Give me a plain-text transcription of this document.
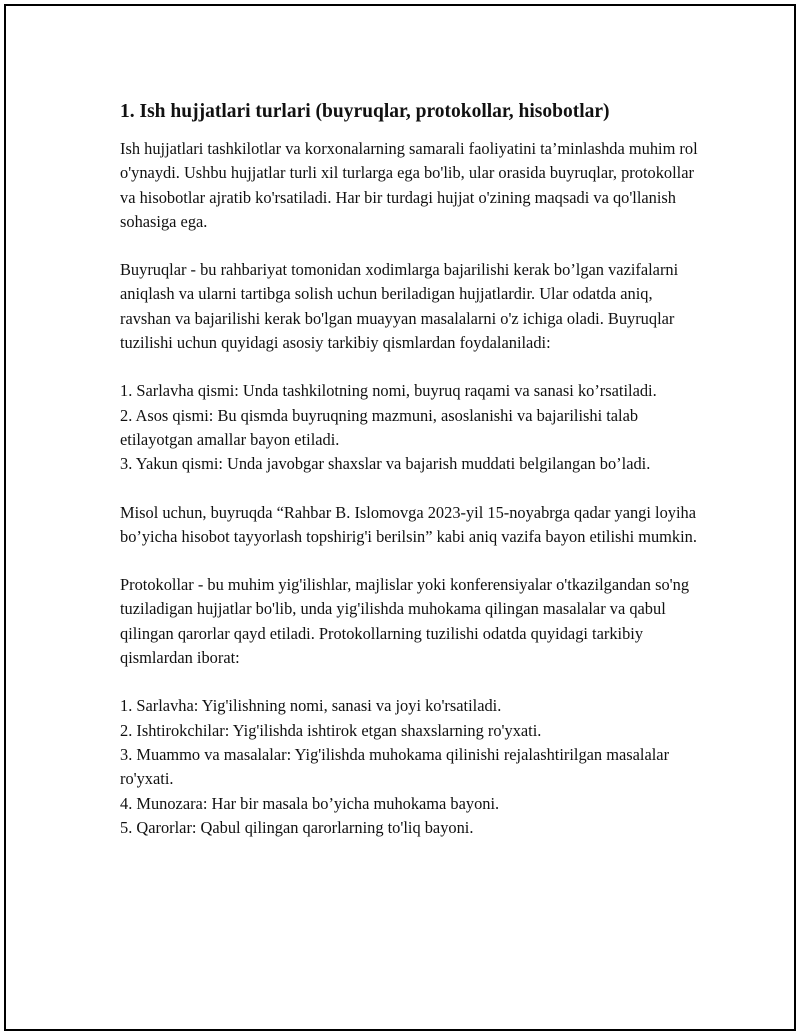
1. Ish hujjatlari turlari (buyruqlar, protokollar, hisobotlar)

Ish hujjatlari tashkilotlar va korxonalarning samarali faoliyatini ta’minlashda muhim rol o'ynaydi. Ushbu hujjatlar turli xil turlarga ega bo'lib, ular orasida buyruqlar, protokollar va hisobotlar ajratib ko'rsatiladi. Har bir turdagi hujjat o'zining maqsadi va qo'llanish sohasiga ega.

Buyruqlar - bu rahbariyat tomonidan xodimlarga bajarilishi kerak bo’lgan vazifalarni aniqlash va ularni tartibga solish uchun beriladigan hujjatlardir. Ular odatda aniq, ravshan va bajarilishi kerak bo'lgan muayyan masalalarni o'z ichiga oladi. Buyruqlar tuzilishi uchun quyidagi asosiy tarkibiy qismlardan foydalaniladi:

1. Sarlavha qismi: Unda tashkilotning nomi, buyruq raqami va sanasi ko’rsatiladi.
2. Asos qismi: Bu qismda buyruqning mazmuni, asoslanishi va bajarilishi talab etilayotgan amallar bayon etiladi.
3. Yakun qismi: Unda javobgar shaxslar va bajarish muddati belgilangan bo’ladi.

Misol uchun, buyruqda “Rahbar B. Islomovga 2023-yil 15-noyabrga qadar yangi loyiha bo’yicha hisobot tayyorlash topshirig'i berilsin” kabi aniq vazifa bayon etilishi mumkin.

Protokollar - bu muhim yig'ilishlar, majlislar yoki konferensiyalar o'tkazilgandan so'ng tuziladigan hujjatlar bo'lib, unda yig'ilishda muhokama qilingan masalalar va qabul qilingan qarorlar qayd etiladi. Protokollarning tuzilishi odatda quyidagi tarkibiy qismlardan iborat:

1. Sarlavha: Yig'ilishning nomi, sanasi va joyi ko'rsatiladi.
2. Ishtirokchilar: Yig'ilishda ishtirok etgan shaxslarning ro'yxati.
3. Muammo va masalalar: Yig'ilishda muhokama qilinishi rejalashtirilgan masalalar ro'yxati.
4. Munozara: Har bir masala bo’yicha muhokama bayoni.
5. Qarorlar: Qabul qilingan qarorlarning to'liq bayoni.
